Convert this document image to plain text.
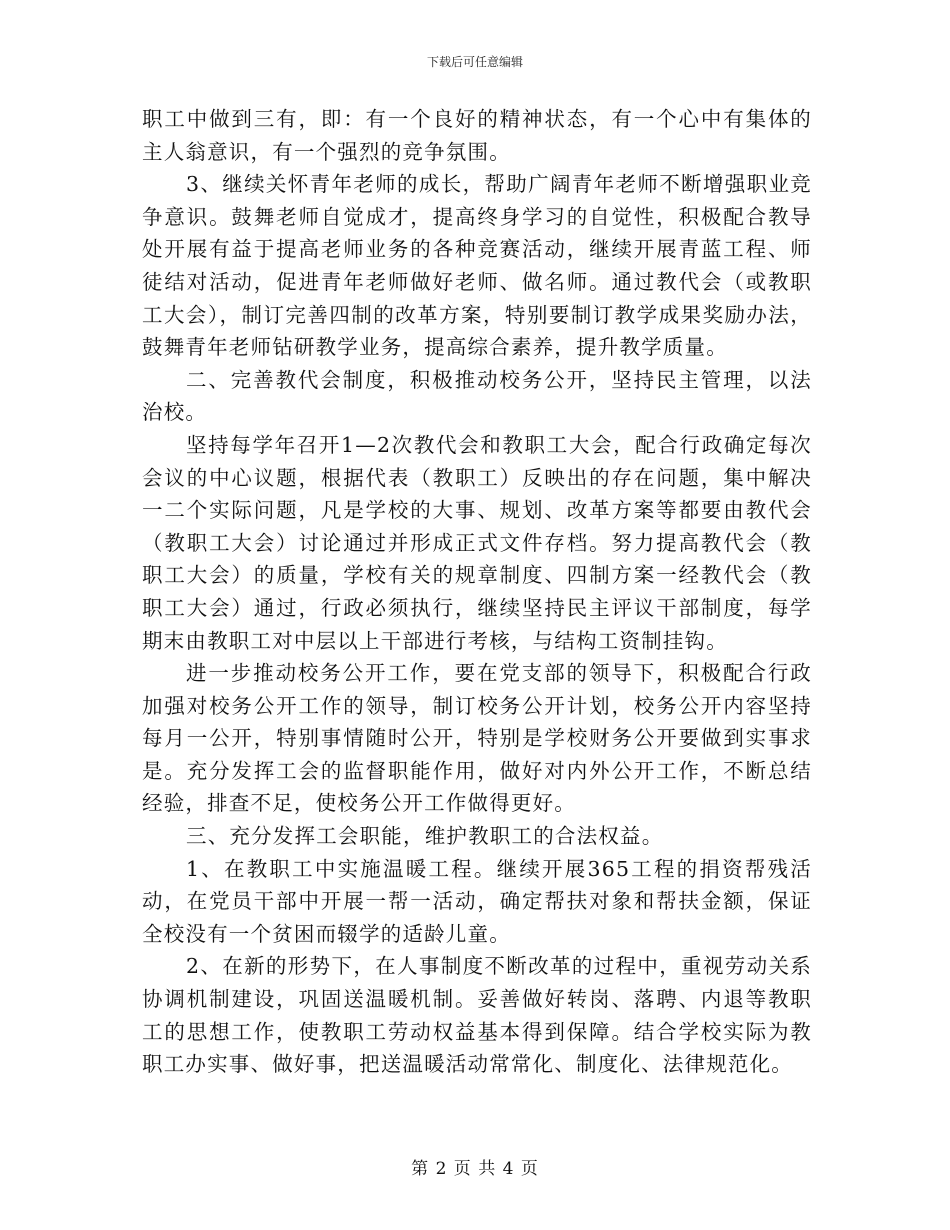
下载后可任意编辑

职工中做到三有，即：有一个良好的精神状态，有一个心中有集体的主人翁意识，有一个强烈的竞争氛围。

3、继续关怀青年老师的成长，帮助广阔青年老师不断增强职业竞争意识。鼓舞老师自觉成才，提高终身学习的自觉性，积极配合教导处开展有益于提高老师业务的各种竞赛活动，继续开展青蓝工程、师徒结对活动，促进青年老师做好老师、做名师。通过教代会（或教职工大会），制订完善四制的改革方案，特别要制订教学成果奖励办法，鼓舞青年老师钻研教学业务，提高综合素养，提升教学质量。

二、完善教代会制度，积极推动校务公开，坚持民主管理，以法治校。

坚持每学年召开1—2次教代会和教职工大会，配合行政确定每次会议的中心议题，根据代表（教职工）反映出的存在问题，集中解决一二个实际问题，凡是学校的大事、规划、改革方案等都要由教代会（教职工大会）讨论通过并形成正式文件存档。努力提高教代会（教职工大会）的质量，学校有关的规章制度、四制方案一经教代会（教职工大会）通过，行政必须执行，继续坚持民主评议干部制度，每学期末由教职工对中层以上干部进行考核，与结构工资制挂钩。

进一步推动校务公开工作，要在党支部的领导下，积极配合行政加强对校务公开工作的领导，制订校务公开计划，校务公开内容坚持每月一公开，特别事情随时公开，特别是学校财务公开要做到实事求是。充分发挥工会的监督职能作用，做好对内外公开工作，不断总结经验，排查不足，使校务公开工作做得更好。

三、充分发挥工会职能，维护教职工的合法权益。

1、在教职工中实施温暖工程。继续开展365工程的捐资帮残活动，在党员干部中开展一帮一活动，确定帮扶对象和帮扶金额，保证全校没有一个贫困而辍学的适龄儿童。

2、在新的形势下，在人事制度不断改革的过程中，重视劳动关系协调机制建设，巩固送温暖机制。妥善做好转岗、落聘、内退等教职工的思想工作，使教职工劳动权益基本得到保障。结合学校实际为教职工办实事、做好事，把送温暖活动常常化、制度化、法律规范化。

第 2 页 共 4 页
